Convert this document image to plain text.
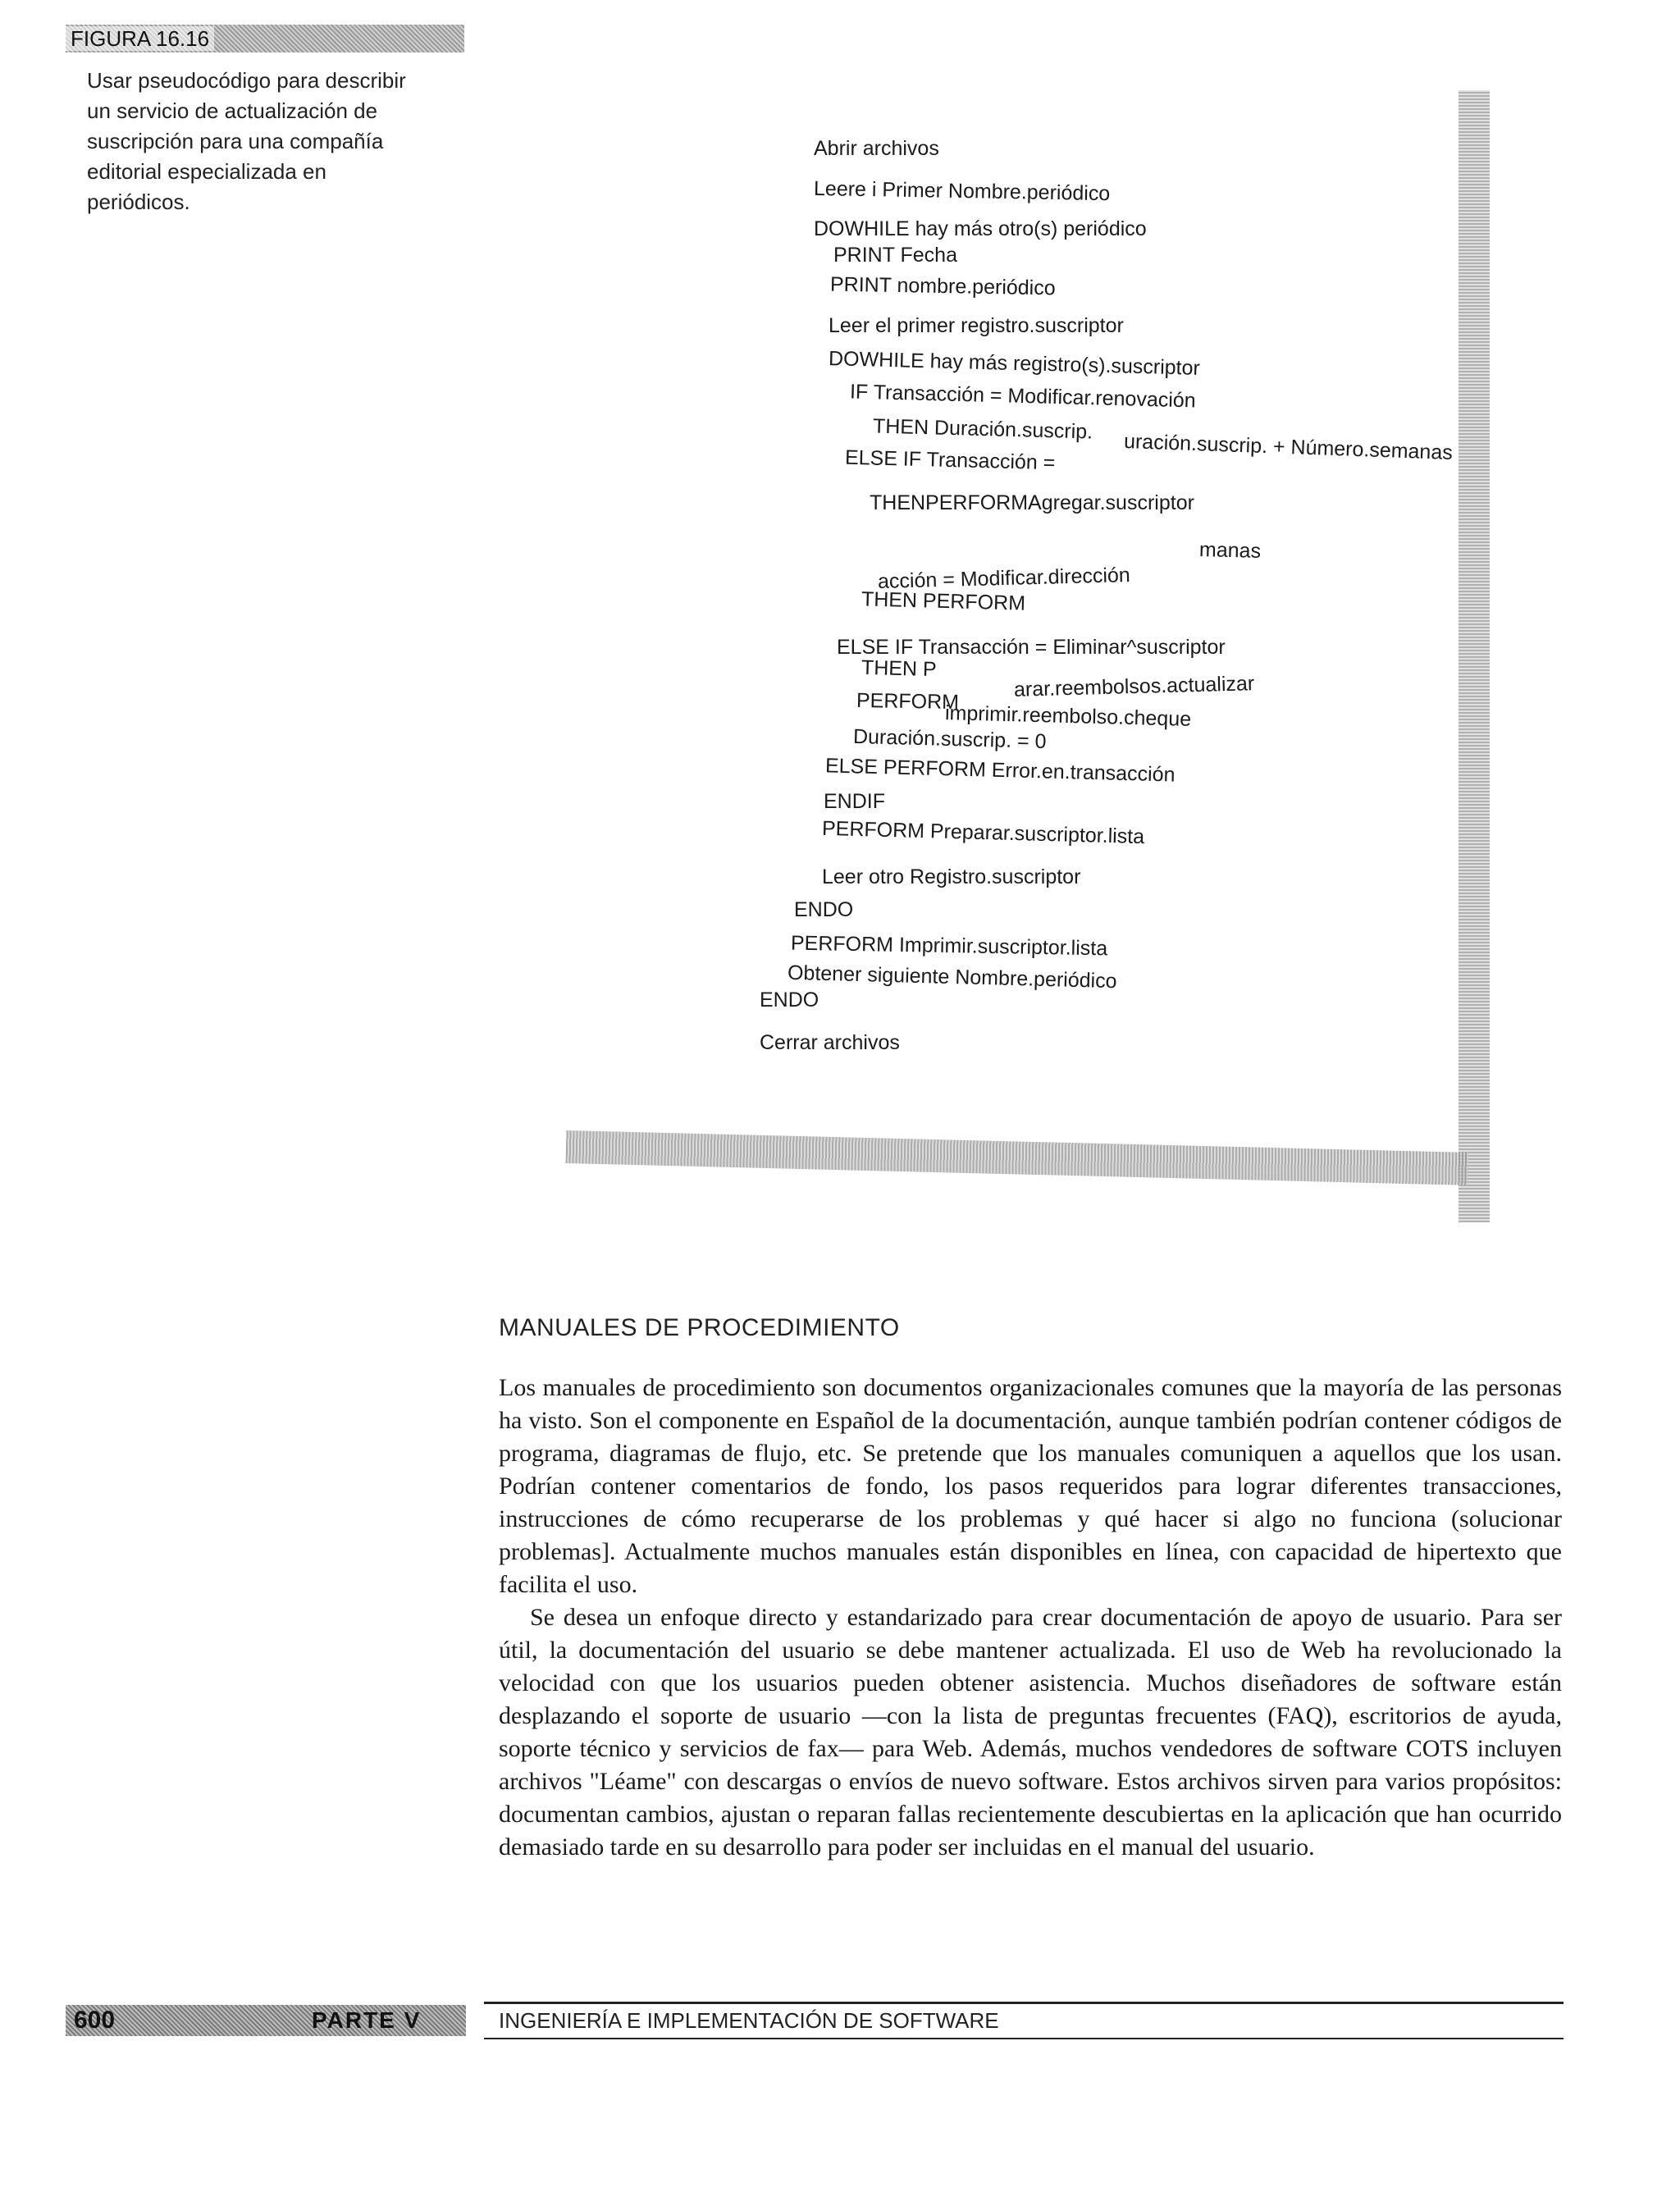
FIGURA 16.16
Usar pseudocódigo para describir un servicio de actualización de suscripción para una compañía editorial especializada en periódicos.
Abrir archivos
Leere i Primer Nombre.periódico
DOWHILE hay más otro(s) periódico
PRINT Fecha
PRINT nombre.periódico
Leer el primer registro.suscriptor
DOWHILE hay más registro(s).suscriptor
IF Transacción = Modificar.renovación
THEN Duración.suscrip.
uración.suscrip. + Número.semanas
ELSE IF Transacción =
THENPERFORMAgregar.suscriptor
manas
acción = Modificar.dirección
THEN PERFORM
ELSE IF Transacción = Eliminar^suscriptor
THEN P
arar.reembolsos.actualizar
PERFORM
imprimir.reembolso.cheque
Duración.suscrip. = 0
ELSE PERFORM Error.en.transacción
ENDIF
PERFORM Preparar.suscriptor.lista
Leer otro Registro.suscriptor
ENDO
PERFORM Imprimir.suscriptor.lista
Obtener siguiente Nombre.periódico
ENDO
Cerrar archivos
MANUALES DE PROCEDIMIENTO

Los manuales de procedimiento son documentos organizacionales comunes que la mayoría de las personas ha visto. Son el componente en Español de la documentación, aunque también podrían contener códigos de programa, diagramas de flujo, etc. Se pretende que los manuales comuniquen a aquellos que los usan. Podrían contener comentarios de fondo, los pasos requeridos para lograr diferentes transacciones, instrucciones de cómo recuperarse de los problemas y qué hacer si algo no funciona (solucionar problemas]. Actualmente muchos manuales están disponibles en línea, con capacidad de hipertexto que facilita el uso.

Se desea un enfoque directo y estandarizado para crear documentación de apoyo de usuario. Para ser útil, la documentación del usuario se debe mantener actualizada. El uso de Web ha revolucionado la velocidad con que los usuarios pueden obtener asistencia. Muchos diseñadores de software están desplazando el soporte de usuario —con la lista de preguntas frecuentes (FAQ), escritorios de ayuda, soporte técnico y servicios de fax— para Web. Además, muchos vendedores de software COTS incluyen archivos "Léame" con descargas o envíos de nuevo software. Estos archivos sirven para varios propósitos: documentan cambios, ajustan o reparan fallas recientemente descubiertas en la aplicación que han ocurrido demasiado tarde en su desarrollo para poder ser incluidas en el manual del usuario.

600	PARTE V	INGENIERÍA E IMPLEMENTACIÓN DE SOFTWARE
